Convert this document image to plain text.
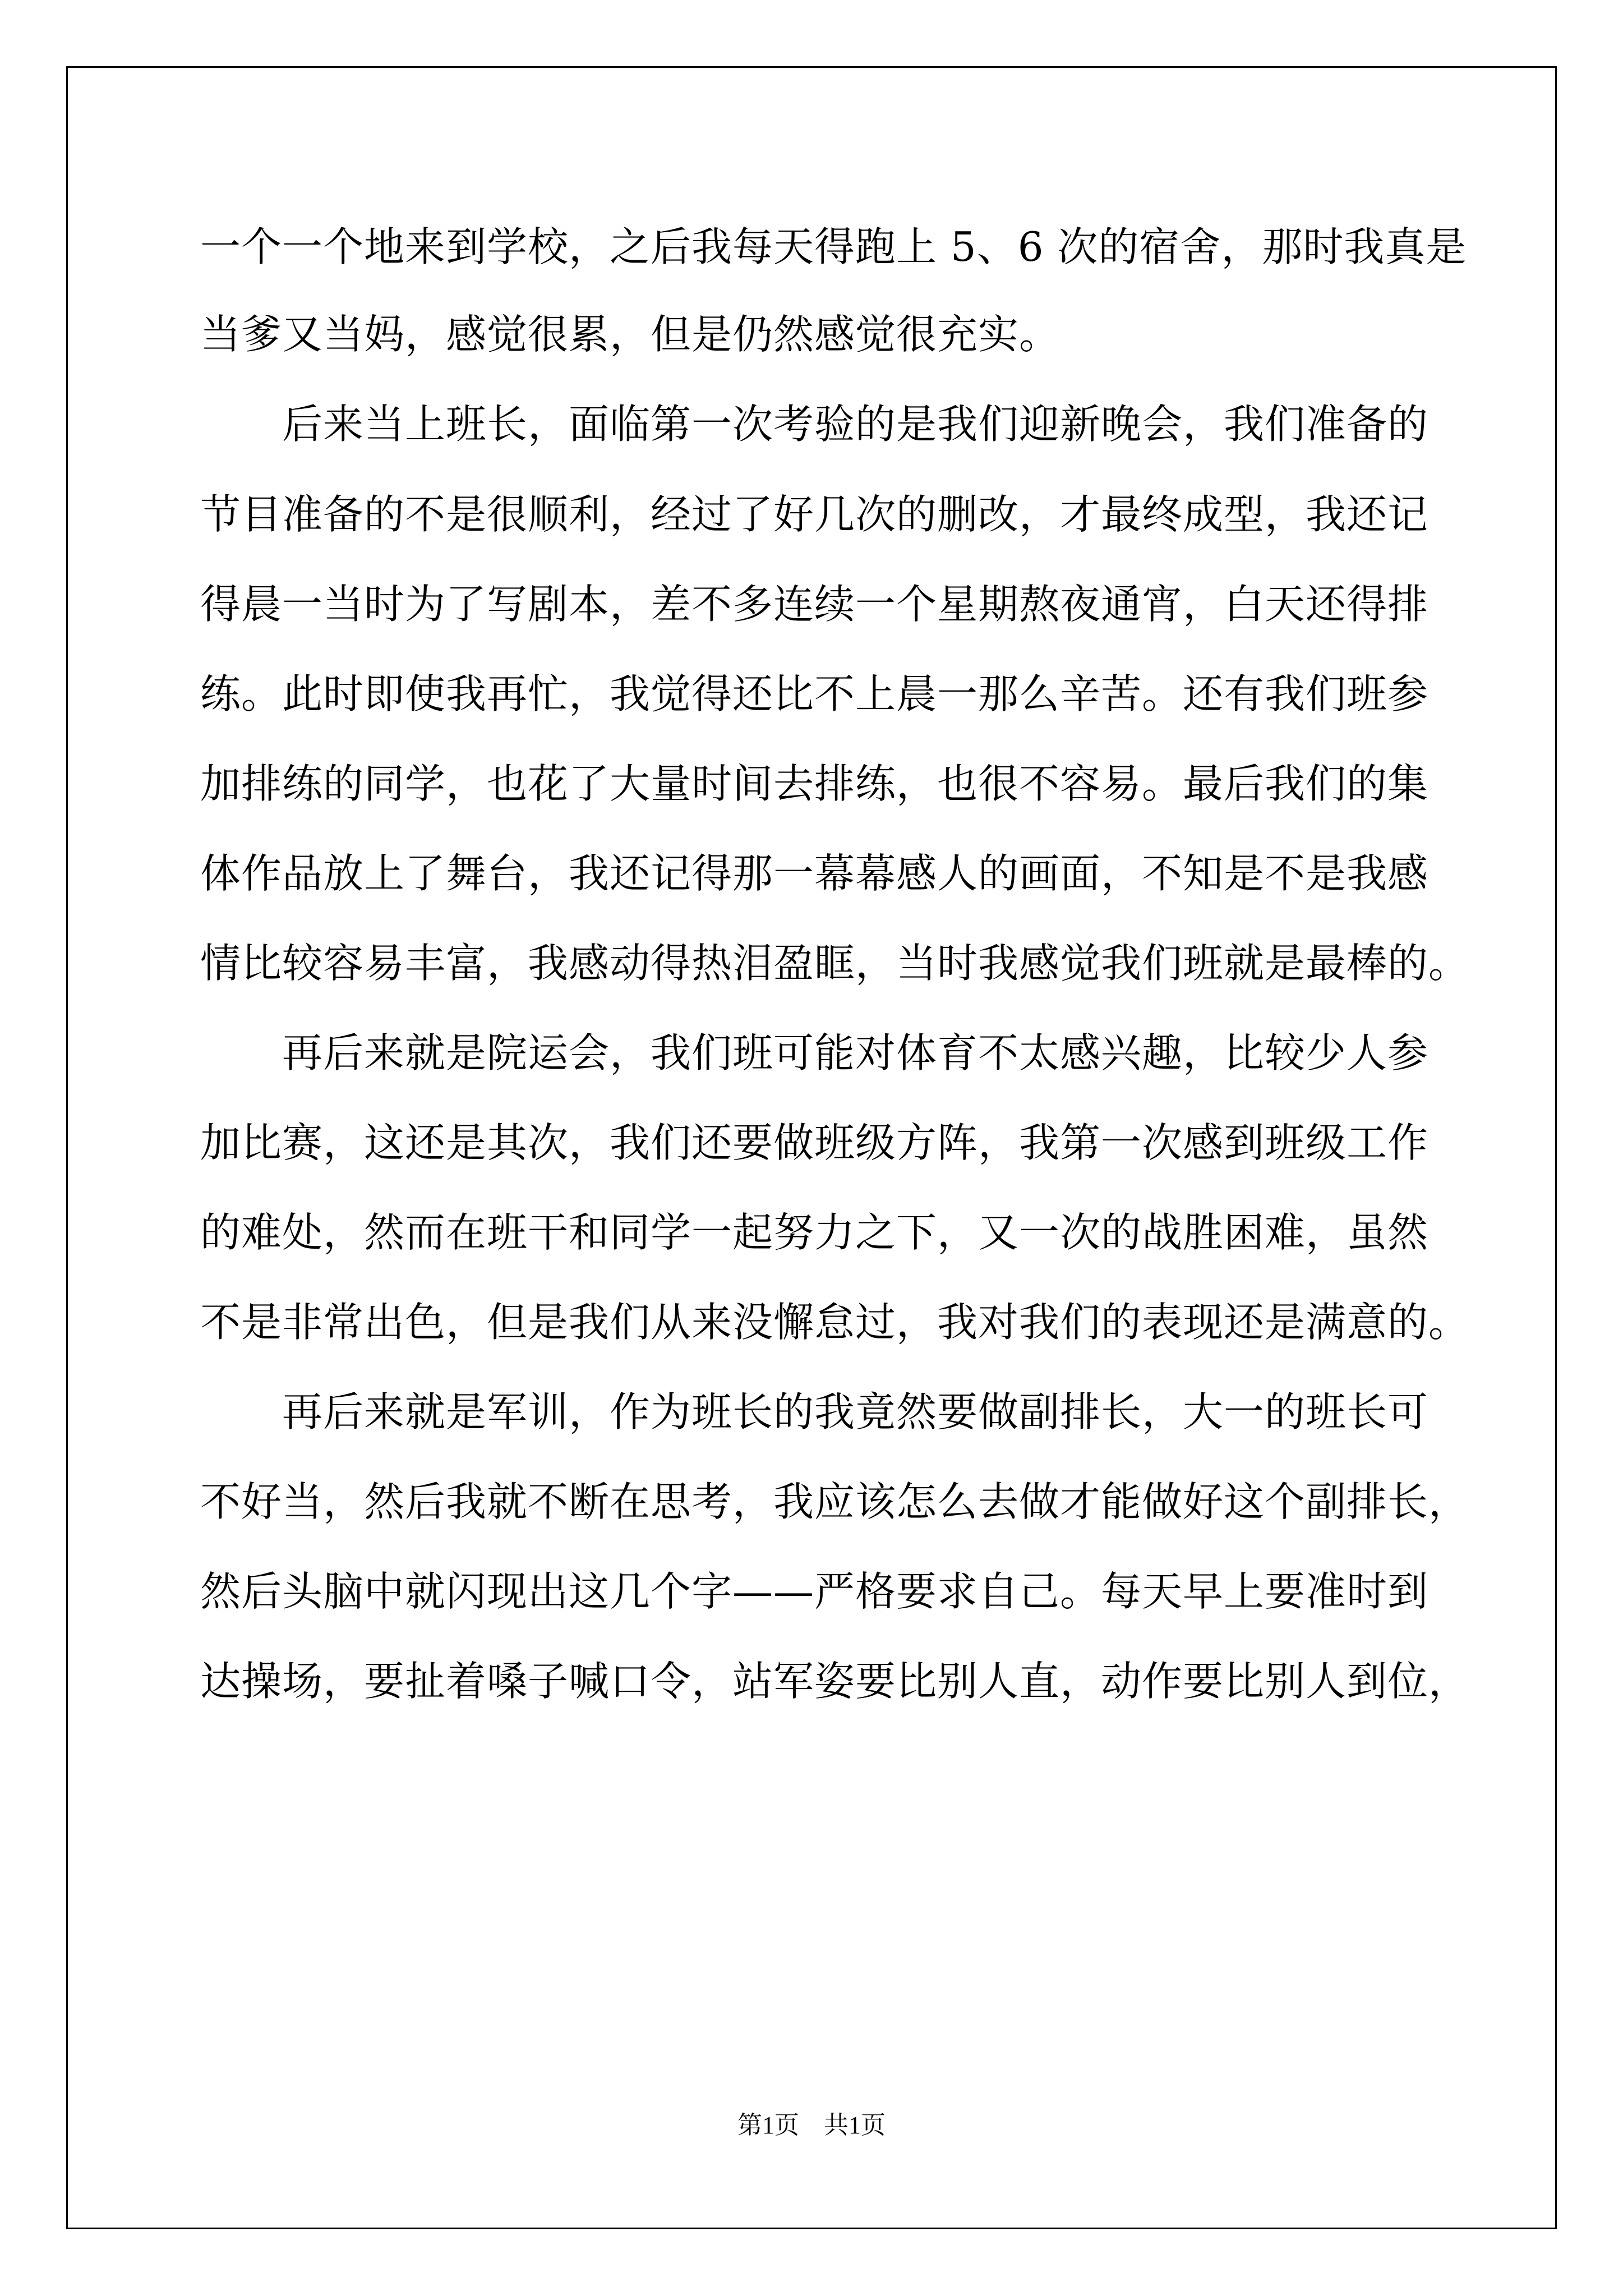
一个一个地来到学校，之后我每天得跑上 5、6 次的宿舍，那时我真是
当爹又当妈，感觉很累，但是仍然感觉很充实。
　　后来当上班长，面临第一次考验的是我们迎新晚会，我们准备的
节目准备的不是很顺利，经过了好几次的删改，才最终成型，我还记
得晨一当时为了写剧本，差不多连续一个星期熬夜通宵，白天还得排
练。此时即使我再忙，我觉得还比不上晨一那么辛苦。还有我们班参
加排练的同学，也花了大量时间去排练，也很不容易。最后我们的集
体作品放上了舞台，我还记得那一幕幕感人的画面，不知是不是我感
情比较容易丰富，我感动得热泪盈眶，当时我感觉我们班就是最棒的。
　　再后来就是院运会，我们班可能对体育不太感兴趣，比较少人参
加比赛，这还是其次，我们还要做班级方阵，我第一次感到班级工作
的难处，然而在班干和同学一起努力之下，又一次的战胜困难，虽然
不是非常出色，但是我们从来没懈怠过，我对我们的表现还是满意的。
　　再后来就是军训，作为班长的我竟然要做副排长，大一的班长可
不好当，然后我就不断在思考，我应该怎么去做才能做好这个副排长，
然后头脑中就闪现出这几个字——严格要求自己。每天早上要准时到
达操场，要扯着嗓子喊口令，站军姿要比别人直，动作要比别人到位，
第1页　共1页
